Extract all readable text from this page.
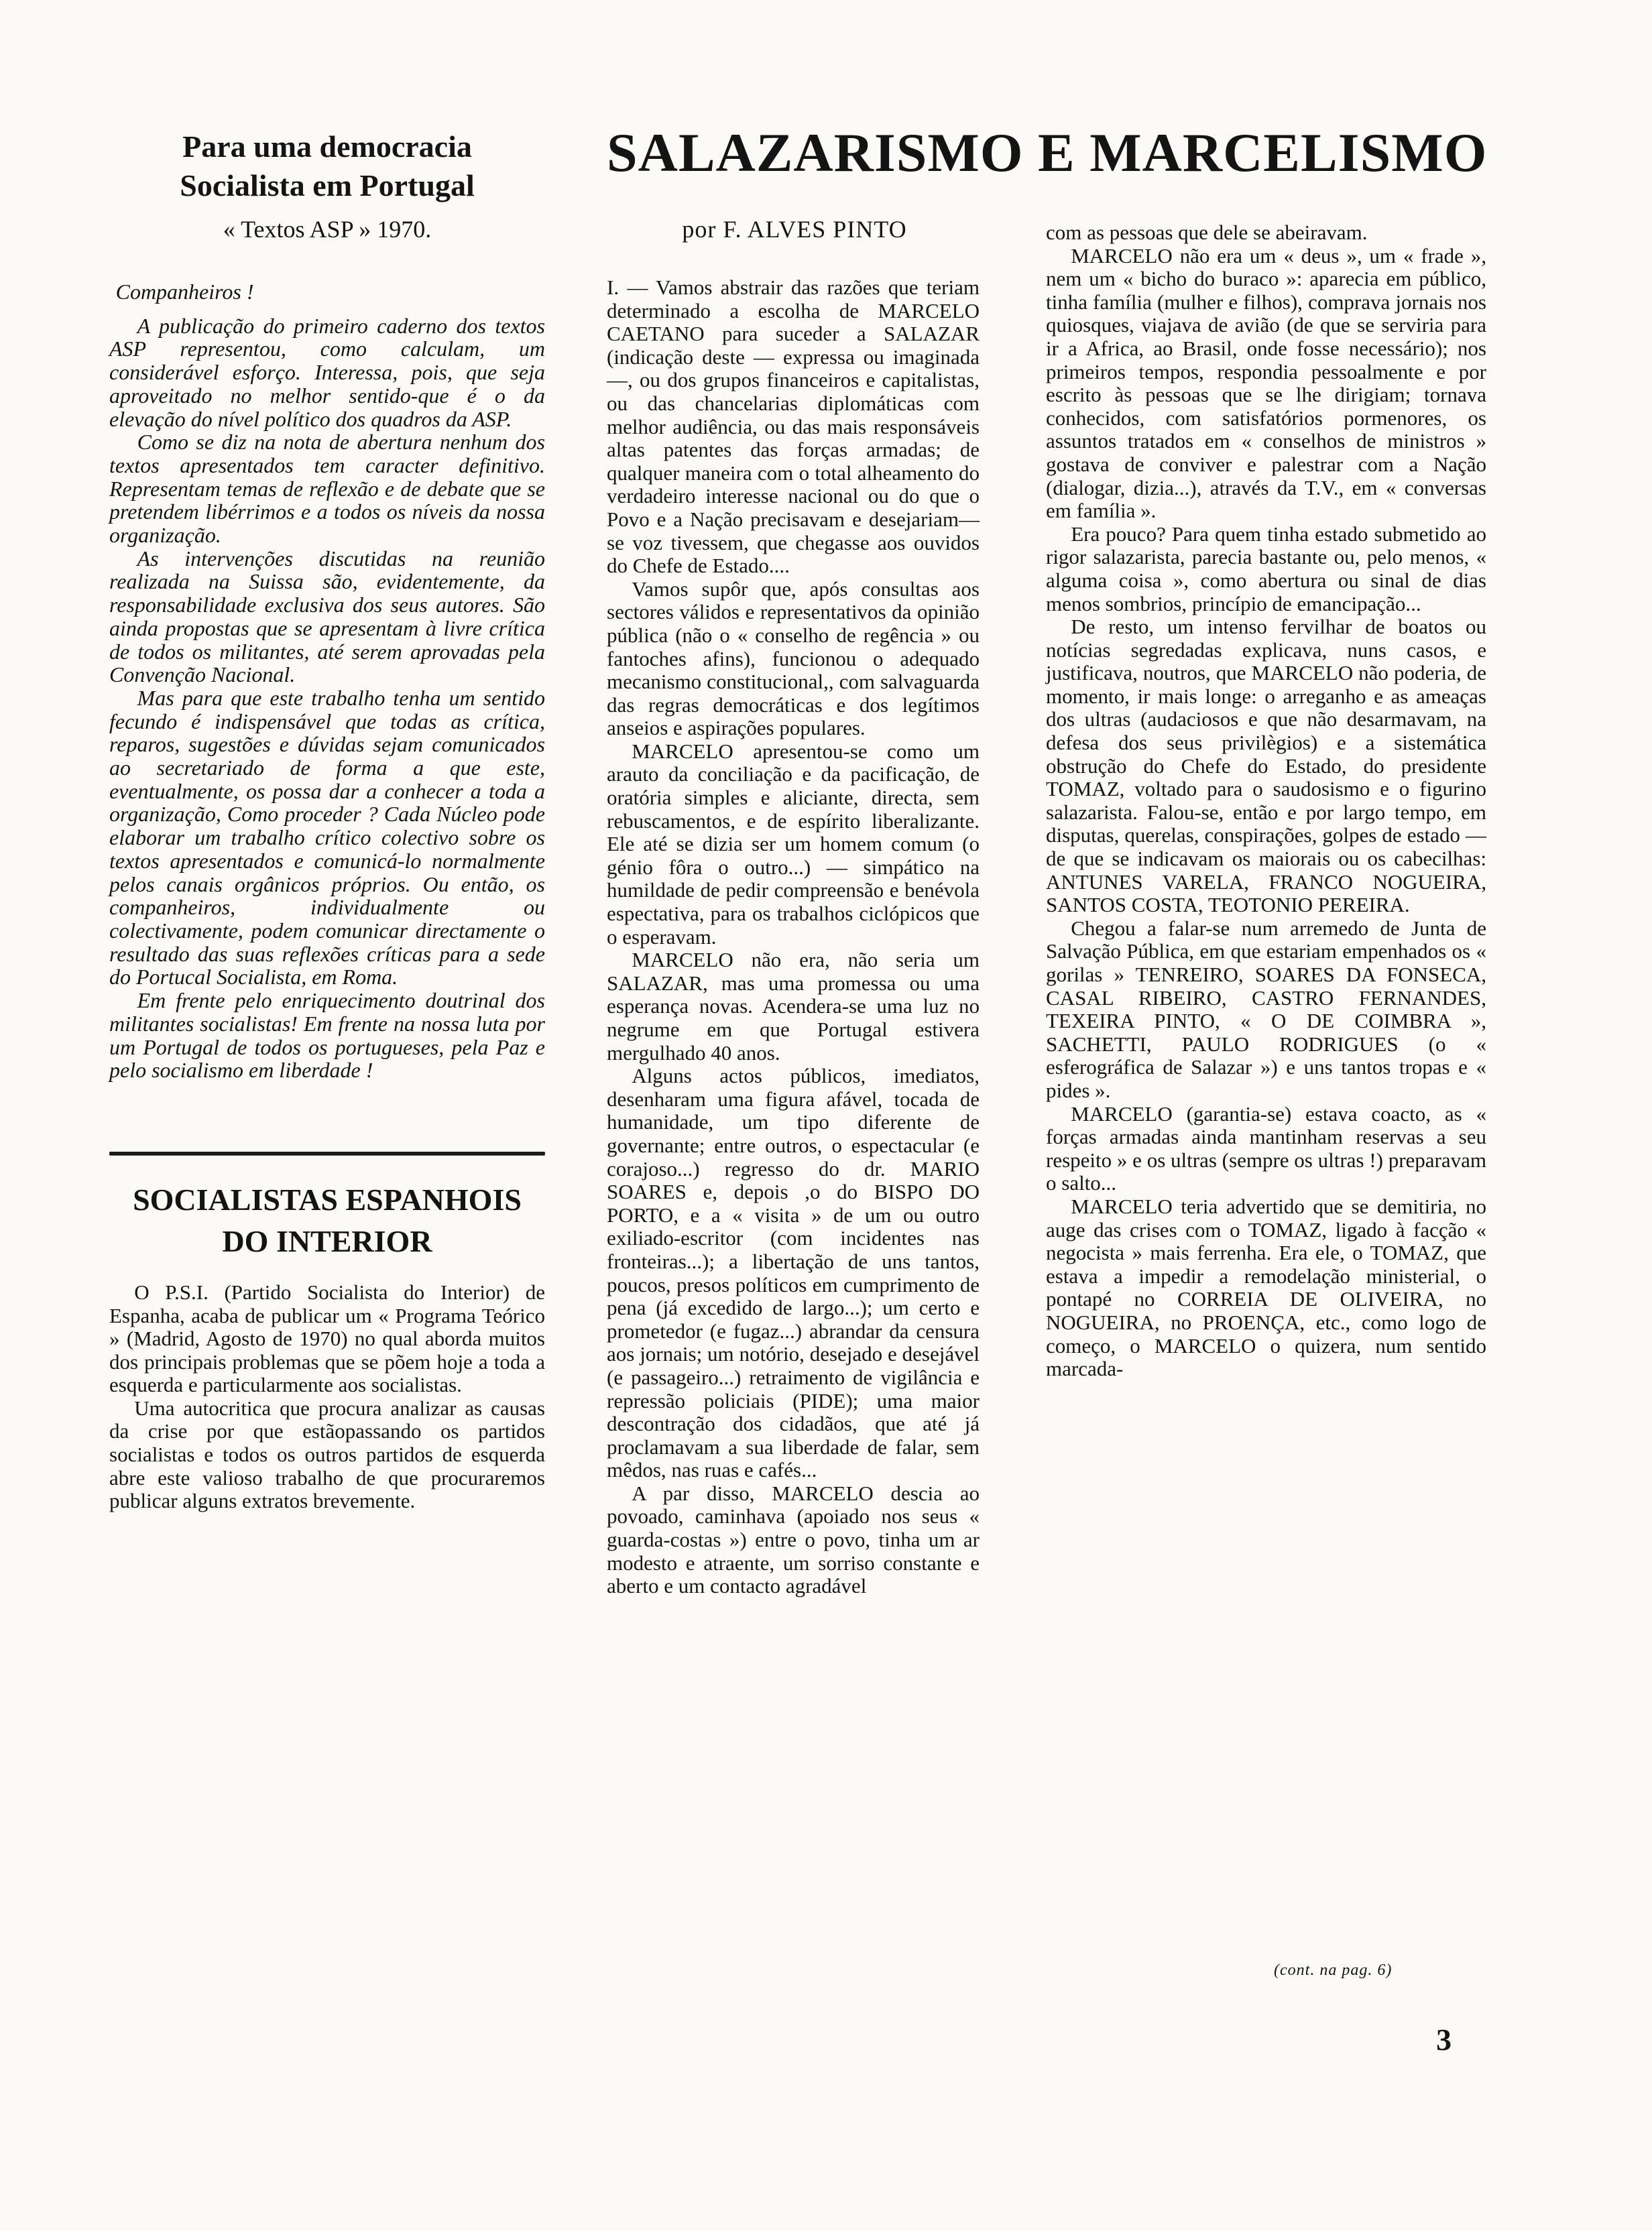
Para uma democracia
Socialista em Portugal
« Textos ASP » 1970.

Companheiros !

A publicação do primeiro caderno dos textos ASP representou, como calculam, um considerável esforço. Interessa, pois, que seja aproveitado no melhor sentido-que é o da elevação do nível político dos quadros da ASP.

Como se diz na nota de abertura nenhum dos textos apresentados tem caracter definitivo. Representam temas de reflexão e de debate que se pretendem libérrimos e a todos os níveis da nossa organização.

As intervenções discutidas na reunião realizada na Suissa são, evidentemente, da responsabilidade exclusiva dos seus autores. São ainda propostas que se apresentam à livre crítica de todos os militantes, até serem aprovadas pela Convenção Nacional.

Mas para que este trabalho tenha um sentido fecundo é indispensável que todas as crítica, reparos, sugestões e dúvidas sejam comunicados ao secretariado de forma a que este, eventualmente, os possa dar a conhecer a toda a organização, Como proceder ? Cada Núcleo pode elaborar um trabalho crítico colectivo sobre os textos apresentados e comunicá-lo normalmente pelos canais orgânicos próprios. Ou então, os companheiros, individualmente ou colectivamente, podem comunicar directamente o resultado das suas reflexões críticas para a sede do Portucal Socialista, em Roma.

Em frente pelo enriquecimento doutrinal dos militantes socialistas! Em frente na nossa luta por um Portugal de todos os portugueses, pela Paz e pelo socialismo em liberdade !

SOCIALISTAS ESPANHOIS
DO INTERIOR

O P.S.I. (Partido Socialista do Interior) de Espanha, acaba de publicar um « Programa Teórico » (Madrid, Agosto de 1970) no qual aborda muitos dos principais problemas que se põem hoje a toda a esquerda e particularmente aos socialistas.

Uma autocritica que procura analizar as causas da crise por que estãopassando os partidos socialistas e todos os outros partidos de esquerda abre este valioso trabalho de que procuraremos publicar alguns extratos brevemente.

SALAZARISMO E MARCELISMO
por F. ALVES PINTO

I. — Vamos abstrair das razões que teriam determinado a escolha de MARCELO CAETANO para suceder a SALAZAR (indicação deste — expressa ou imaginada —, ou dos grupos financeiros e capitalistas, ou das chancelarias diplomáticas com melhor audiência, ou das mais responsáveis altas patentes das forças armadas; de qualquer maneira com o total alheamento do verdadeiro interesse nacional ou do que o Povo e a Nação precisavam e desejariam—se voz tivessem, que chegasse aos ouvidos do Chefe de Estado....

Vamos supôr que, após consultas aos sectores válidos e representativos da opinião pública (não o « conselho de regência » ou fantoches afins), funcionou o adequado mecanismo constitucional,, com salvaguarda das regras democráticas e dos legítimos anseios e aspirações populares.

MARCELO apresentou-se como um arauto da conciliação e da pacificação, de oratória simples e aliciante, directa, sem rebuscamentos, e de espírito liberalizante. Ele até se dizia ser um homem comum (o génio fôra o outro...) — simpático na humildade de pedir compreensão e benévola espectativa, para os trabalhos ciclópicos que o esperavam.

MARCELO não era, não seria um SALAZAR, mas uma promessa ou uma esperança novas. Acendera-se uma luz no negrume em que Portugal estivera mergulhado 40 anos.

Alguns actos públicos, imediatos, desenharam uma figura afável, tocada de humanidade, um tipo diferente de governante; entre outros, o espectacular (e corajoso...) regresso do dr. MARIO SOARES e, depois ,o do BISPO DO PORTO, e a « visita » de um ou outro exiliado-escritor (com incidentes nas fronteiras...); a libertação de uns tantos, poucos, presos políticos em cumprimento de pena (já excedido de largo...); um certo e prometedor (e fugaz...) abrandar da censura aos jornais; um notório, desejado e desejável (e passageiro...) retraimento de vigilância e repressão policiais (PIDE); uma maior descontração dos cidadãos, que até já proclamavam a sua liberdade de falar, sem mêdos, nas ruas e cafés...

A par disso, MARCELO descia ao povoado, caminhava (apoiado nos seus « guarda-costas ») entre o povo, tinha um ar modesto e atraente, um sorriso constante e aberto e um contacto agradável

com as pessoas que dele se abeiravam.

MARCELO não era um « deus », um « frade », nem um « bicho do buraco »: aparecia em público, tinha família (mulher e filhos), comprava jornais nos quiosques, viajava de avião (de que se serviria para ir a Africa, ao Brasil, onde fosse necessário); nos primeiros tempos, respondia pessoalmente e por escrito às pessoas que se lhe dirigiam; tornava conhecidos, com satisfatórios pormenores, os assuntos tratados em « conselhos de ministros » gostava de conviver e palestrar com a Nação (dialogar, dizia...), através da T.V., em « conversas em família ».

Era pouco? Para quem tinha estado submetido ao rigor salazarista, parecia bastante ou, pelo menos, « alguma coisa », como abertura ou sinal de dias menos sombrios, princípio de emancipação...

De resto, um intenso fervilhar de boatos ou notícias segredadas explicava, nuns casos, e justificava, noutros, que MARCELO não poderia, de momento, ir mais longe: o arreganho e as ameaças dos ultras (audaciosos e que não desarmavam, na defesa dos seus privilègios) e a sistemática obstrução do Chefe do Estado, do presidente TOMAZ, voltado para o saudosismo e o figurino salazarista. Falou-se, então e por largo tempo, em disputas, querelas, conspirações, golpes de estado — de que se indicavam os maiorais ou os cabecilhas: ANTUNES VARELA, FRANCO NOGUEIRA, SANTOS COSTA, TEOTONIO PEREIRA.

Chegou a falar-se num arremedo de Junta de Salvação Pública, em que estariam empenhados os « gorilas » TENREIRO, SOARES DA FONSECA, CASAL RIBEIRO, CASTRO FERNANDES, TEXEIRA PINTO, « O DE COIMBRA », SACHETTI, PAULO RODRIGUES (o « esferográfica de Salazar ») e uns tantos tropas e « pides ».

MARCELO (garantia-se) estava coacto, as « forças armadas ainda mantinham reservas a seu respeito » e os ultras (sempre os ultras !) preparavam o salto...

MARCELO teria advertido que se demitiria, no auge das crises com o TOMAZ, ligado à facção « negocista » mais ferrenha. Era ele, o TOMAZ, que estava a impedir a remodelação ministerial, o pontapé no CORREIA DE OLIVEIRA, no NOGUEIRA, no PROENÇA, etc., como logo de começo, o MARCELO o quizera, num sentido marcada-

(cont. na pag. 6)
3
